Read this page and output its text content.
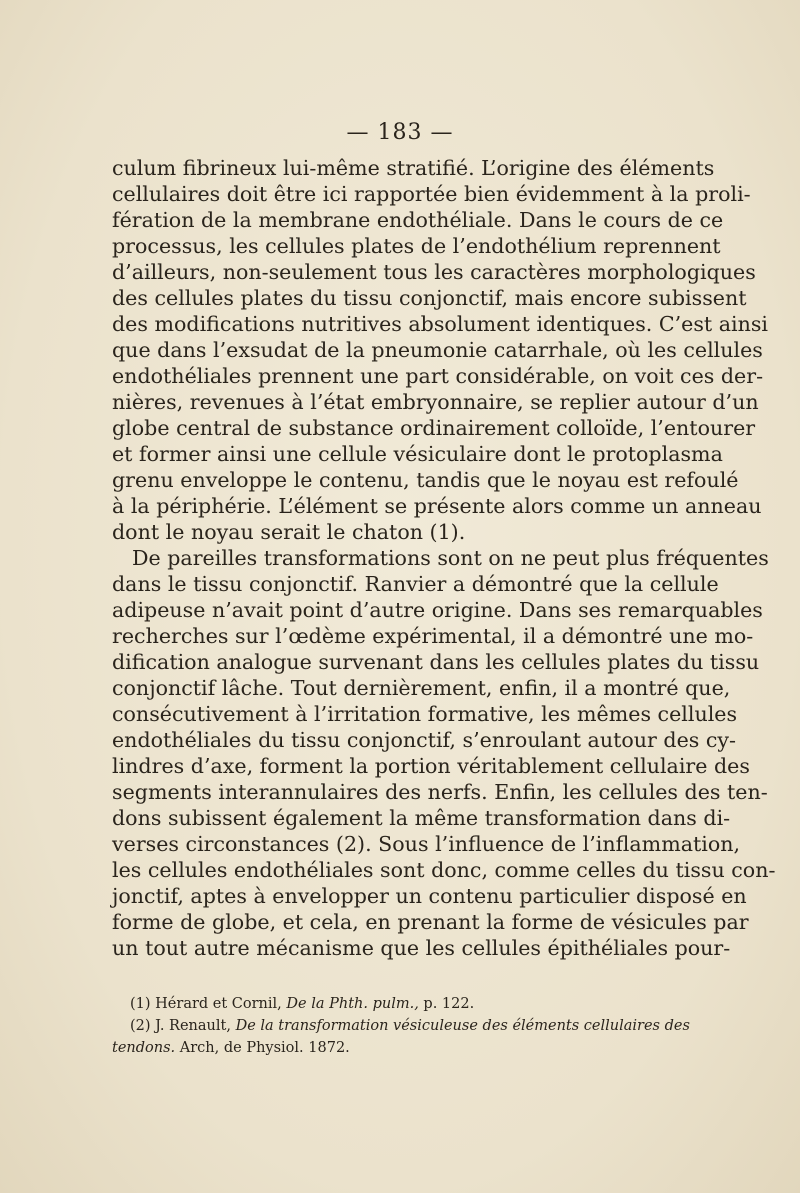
— 183 —
culum fibrineux lui-même stratifié. L’origine des éléments
cellulaires doit être ici rapportée bien évidemment à la proli-
fération de la membrane endothéliale. Dans le cours de ce
processus, les cellules plates de l’endothélium reprennent
d’ailleurs, non-seulement tous les caractères morphologiques
des cellules plates du tissu conjonctif, mais encore subissent
des modifications nutritives absolument identiques. C’est ainsi
que dans l’exsudat de la pneumonie catarrhale, où les cellules
endothéliales prennent une part considérable, on voit ces der-
nières, revenues à l’état embryonnaire, se replier autour d’un
globe central de substance ordinairement colloïde, l’entourer
et former ainsi une cellule vésiculaire dont le protoplasma
grenu enveloppe le contenu, tandis que le noyau est refoulé
à la périphérie. L’élément se présente alors comme un anneau
dont le noyau serait le chaton (1).
De pareilles transformations sont on ne peut plus fréquentes
dans le tissu conjonctif. Ranvier a démontré que la cellule
adipeuse n’avait point d’autre origine. Dans ses remarquables
recherches sur l’œdème expérimental, il a démontré une mo-
dification analogue survenant dans les cellules plates du tissu
conjonctif lâche. Tout dernièrement, enfin, il a montré que,
consécutivement à l’irritation formative, les mêmes cellules
endothéliales du tissu conjonctif, s’enroulant autour des cy-
lindres d’axe, forment la portion véritablement cellulaire des
segments interannulaires des nerfs. Enfin, les cellules des ten-
dons subissent également la même transformation dans di-
verses circonstances (2). Sous l’influence de l’inflammation,
les cellules endothéliales sont donc, comme celles du tissu con-
jonctif, aptes à envelopper un contenu particulier disposé en
forme de globe, et cela, en prenant la forme de vésicules par
un tout autre mécanisme que les cellules épithéliales pour-
(1) Hérard et Cornil, De la Phth. pulm., p. 122.
(2) J. Renault, De la transformation vésiculeuse des éléments cellulaires des
tendons. Arch, de Physiol. 1872.
